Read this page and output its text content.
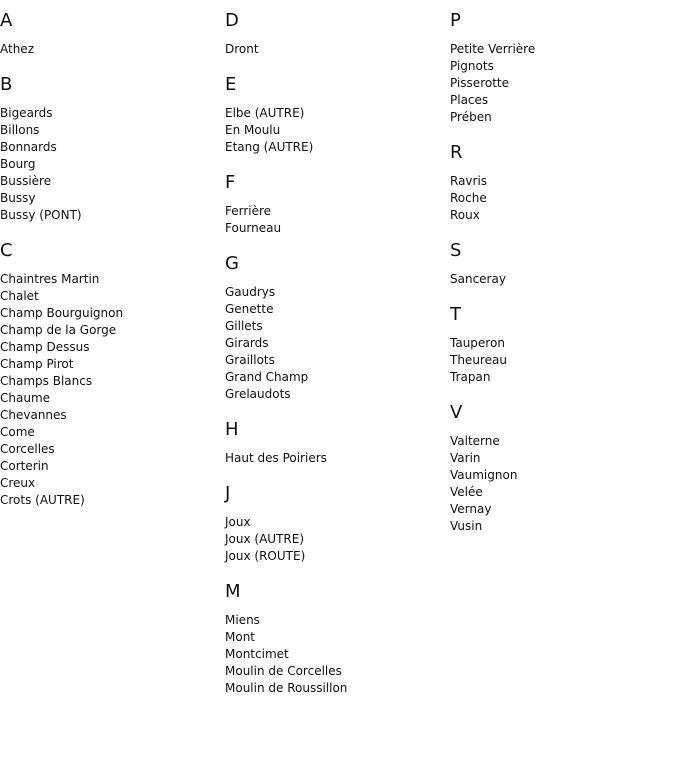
A
Athez
B
Bigeards
Billons
Bonnards
Bourg
Bussière
Bussy
Bussy (PONT)
C
Chaintres Martin
Chalet
Champ Bourguignon
Champ de la Gorge
Champ Dessus
Champ Pirot
Champs Blancs
Chaume
Chevannes
Come
Corcelles
Corterin
Creux
Crots (AUTRE)
D
Dront
E
Elbe (AUTRE)
En Moulu
Etang (AUTRE)
F
Ferrière
Fourneau
G
Gaudrys
Genette
Gillets
Girards
Graillots
Grand Champ
Grelaudots
H
Haut des Poiriers
J
Joux
Joux (AUTRE)
Joux (ROUTE)
M
Miens
Mont
Montcimet
Moulin de Corcelles
Moulin de Roussillon
P
Petite Verrière
Pignots
Pisserotte
Places
Prében
R
Ravris
Roche
Roux
S
Sanceray
T
Tauperon
Theureau
Trapan
V
Valterne
Varin
Vaumignon
Velée
Vernay
Vusin
